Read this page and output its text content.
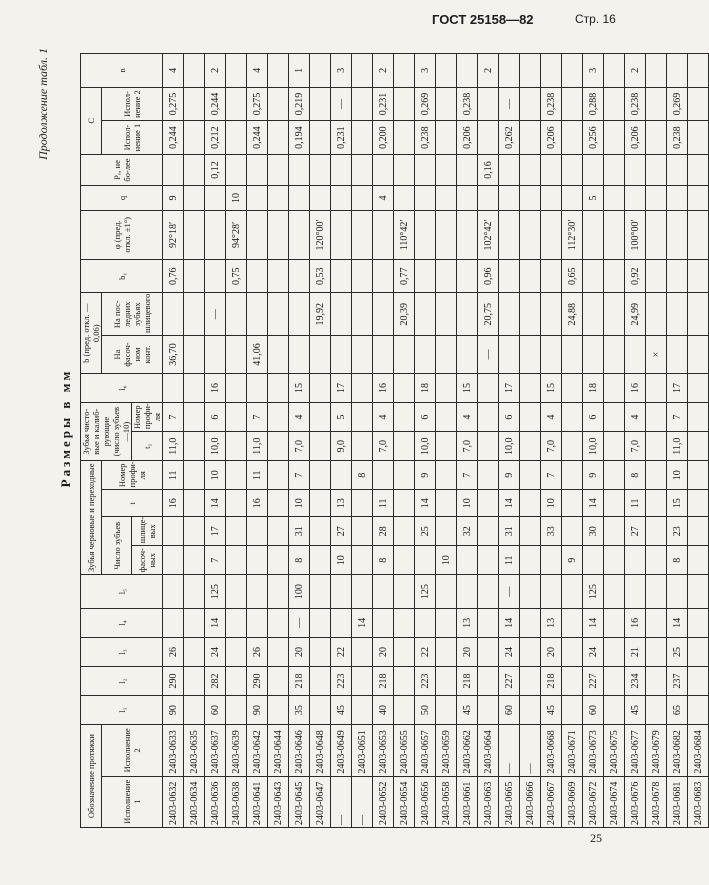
ГОСТ 25158—82	Стр. 16
Размеры в мм
Продолжение табл. 1
Обозначение протяжки		l₁	l₂	l₃	l₄	l₅	Зубья черновые и переходные				Зубья чисто-вые и калиб-рующие (число зубьев—10)		l₆	b (пред. откл. —0,06)		b₁	φ (пред. откл. ±1°)	q	Pₒ, не бо-лее	C		n
Исполнение 1	Исполнение 2						Число зубьев		t	Номер профи-ля				На фасоч-ном конт.	На пос-ледних зубьях шлицевого					Испол-нение 1	Испол-нение 2	
							фасоч-ных	шлице-вых			t₁	Номер профи-ля										
2403-0632	2403-0633	90	290	26					16	11	11,0	7		36,70		0,76	92°18′	9		0,244	0,275	4
2403-0634	2403-0635																					
2403-0636	2403-0637	60	282	24	14	125	7	17	14	10	10,0	6	16		—				0,12	0,212	0,244	2
2403-0638	2403-0639															0,75	94°28′	10				
2403-0641	2403-0642	90	290	26					16	11	11,0	7		41,06						0,244	0,275	4
2403-0643	2403-0644																					
2403-0645	2403-0646	35	218	20	—	100	8	31	10	7	7,0	4	15							0,194	0,219	1
2403-0647	2403-0648														19,92	0,53	120°00′					
—	2403-0649	45	223	22			10	27	13		9,0	5	17							0,231	—	3
—	2403-0651				14					8												
2403-0652	2403-0653	40	218	20			8	28	11		7,0	4	16					4		0,200	0,231	2
2403-0654	2403-0655														20,39	0,77	110°42′					
2403-0656	2403-0657	50	223	22		125		25	14	9	10,0	6	18							0,238	0,269	3
2403-0658	2403-0659						10															
2403-0661	2403-0662	45	218	20	13			32	10	7	7,0	4	15							0,206	0,238	
2403-0663	2403-0664													—	20,75	0,96	102°42′		0,16			2
2403-0665	—	60	227	24	14	—	11	31	14	9	10,0	6	17							0,262	—	
2403-0666	—																					
2403-0667	2403-0668	45	218	20	13			33	10	7	7,0	4	15							0,206	0,238	
2403-0669	2403-0671						9								24,88	0,65	112°30′					
2403-0672	2403-0673	60	227	24	14	125		30	14	9	10,0	6	18					5		0,256	0,288	3
2403-0674	2403-0675																					
2403-0676	2403-0677	45	234	21	16			27	11	8	7,0	4	16		24,99	0,92	100°00′			0,206	0,238	2
2403-0678	2403-0679													×								
2403-0681	2403-0682	65	237	25	14		8	23	15	10	11,0	7	17							0,238	0,269	
2403-0683	2403-0684																					
25
